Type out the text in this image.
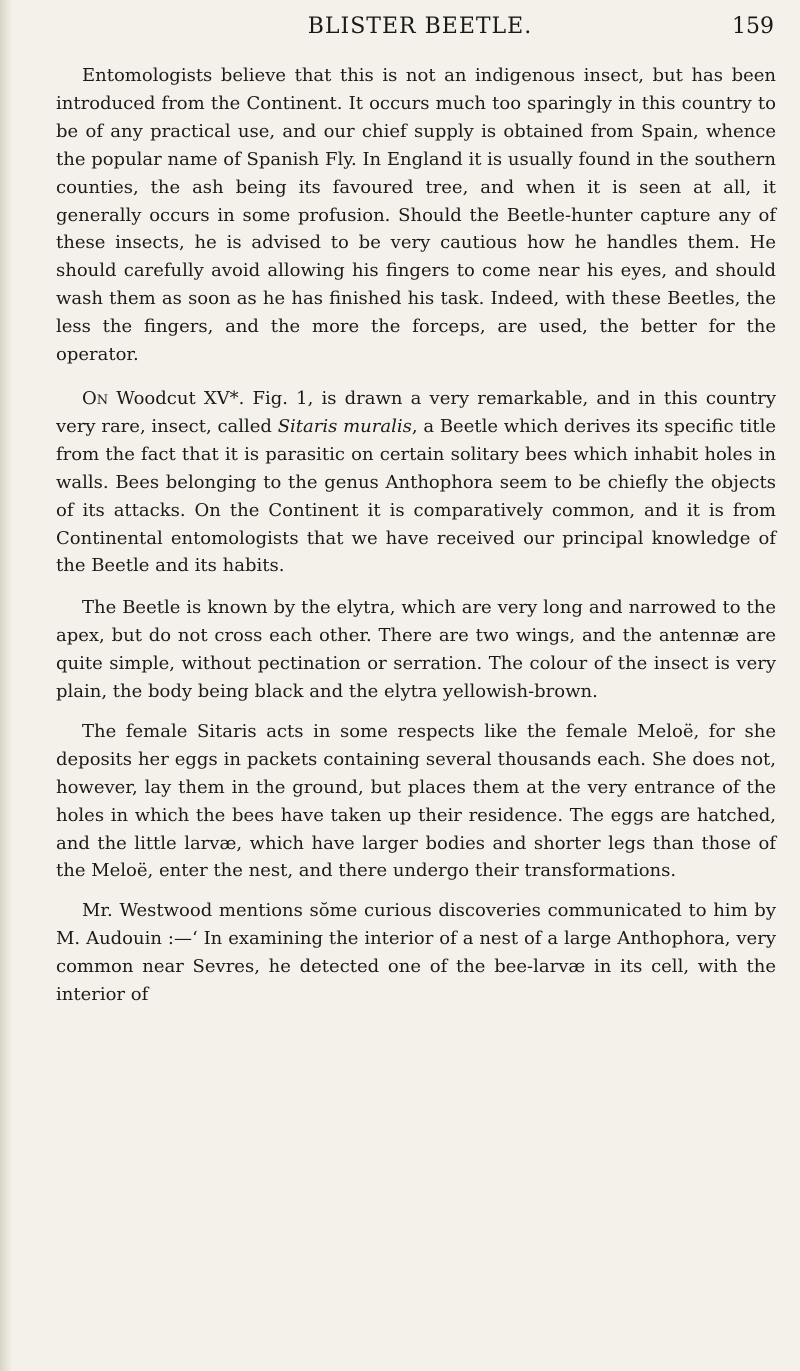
BLISTER BEETLE.	159

Entomologists believe that this is not an indigenous insect, but has been introduced from the Continent. It occurs much too sparingly in this country to be of any practical use, and our chief supply is obtained from Spain, whence the popular name of Spanish Fly. In England it is usually found in the southern counties, the ash being its favoured tree, and when it is seen at all, it generally occurs in some profusion. Should the Beetle-hunter capture any of these insects, he is advised to be very cautious how he handles them. He should carefully avoid allowing his fingers to come near his eyes, and should wash them as soon as he has finished his task. Indeed, with these Beetles, the less the fingers, and the more the forceps, are used, the better for the operator.

On Woodcut XV*. Fig. 1, is drawn a very remarkable, and in this country very rare, insect, called Sitaris muralis, a Beetle which derives its specific title from the fact that it is parasitic on certain solitary bees which inhabit holes in walls. Bees belonging to the genus Anthophora seem to be chiefly the objects of its attacks. On the Continent it is comparatively common, and it is from Continental entomologists that we have received our principal knowledge of the Beetle and its habits.

The Beetle is known by the elytra, which are very long and narrowed to the apex, but do not cross each other. There are two wings, and the antennæ are quite simple, without pectination or serration. The colour of the insect is very plain, the body being black and the elytra yellowish-brown.

The female Sitaris acts in some respects like the female Meloë, for she deposits her eggs in packets containing several thousands each. She does not, however, lay them in the ground, but places them at the very entrance of the holes in which the bees have taken up their residence. The eggs are hatched, and the little larvæ, which have larger bodies and shorter legs than those of the Meloë, enter the nest, and there undergo their transformations.

Mr. Westwood mentions sŏme curious discoveries communicated to him by M. Audouin :—‘ In examining the interior of a nest of a large Anthophora, very common near Sevres, he detected one of the bee-larvæ in its cell, with the interior of
